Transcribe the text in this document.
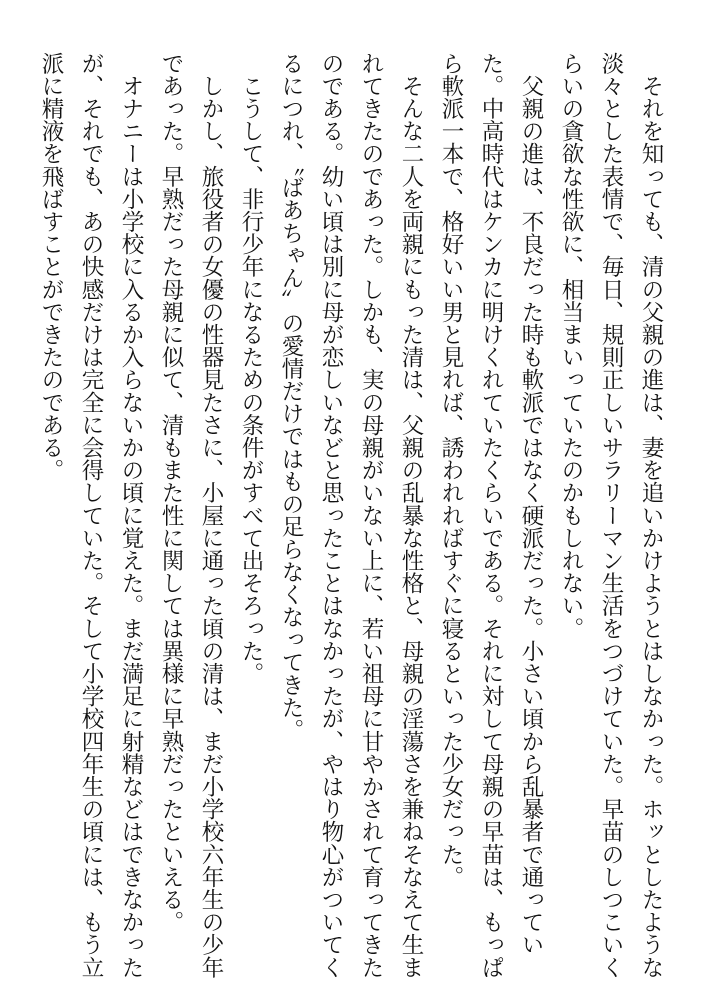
　それを知っても、清の父親の進は、妻を追いかけようとはしなかった。ホッとしたような
淡々とした表情で、毎日、規則正しいサラリーマン生活をつづけていた。早苗のしつこいく
らいの貪欲な性欲に、相当まいっていたのかもしれない。
　父親の進は、不良だった時も軟派ではなく硬派だった。小さい頃から乱暴者で通ってい
た。中高時代はケンカに明けくれていたくらいである。それに対して母親の早苗は、もっぱ
ら軟派一本で、格好いい男と見れば、誘われればすぐに寝るといった少女だった。
　そんな二人を両親にもった清は、父親の乱暴な性格と、母親の淫蕩さを兼ねそなえて生ま
れてきたのであった。しかも、実の母親がいない上に、若い祖母に甘やかされて育ってきた
のである。幼い頃は別に母が恋しいなどと思ったことはなかったが、やはり物心がついてく
るにつれ、〝ばあちゃん〟の愛情だけではもの足らなくなってきた。
　こうして、非行少年になるための条件がすべて出そろった。
　しかし、旅役者の女優の性器見たさに、小屋に通った頃の清は、まだ小学校六年生の少年
であった。早熟だった母親に似て、清もまた性に関しては異様に早熟だったといえる。
　オナニーは小学校に入るか入らないかの頃に覚えた。まだ満足に射精などはできなかった
が、それでも、あの快感だけは完全に会得していた。そして小学校四年生の頃には、もう立
派に精液を飛ばすことができたのである。
